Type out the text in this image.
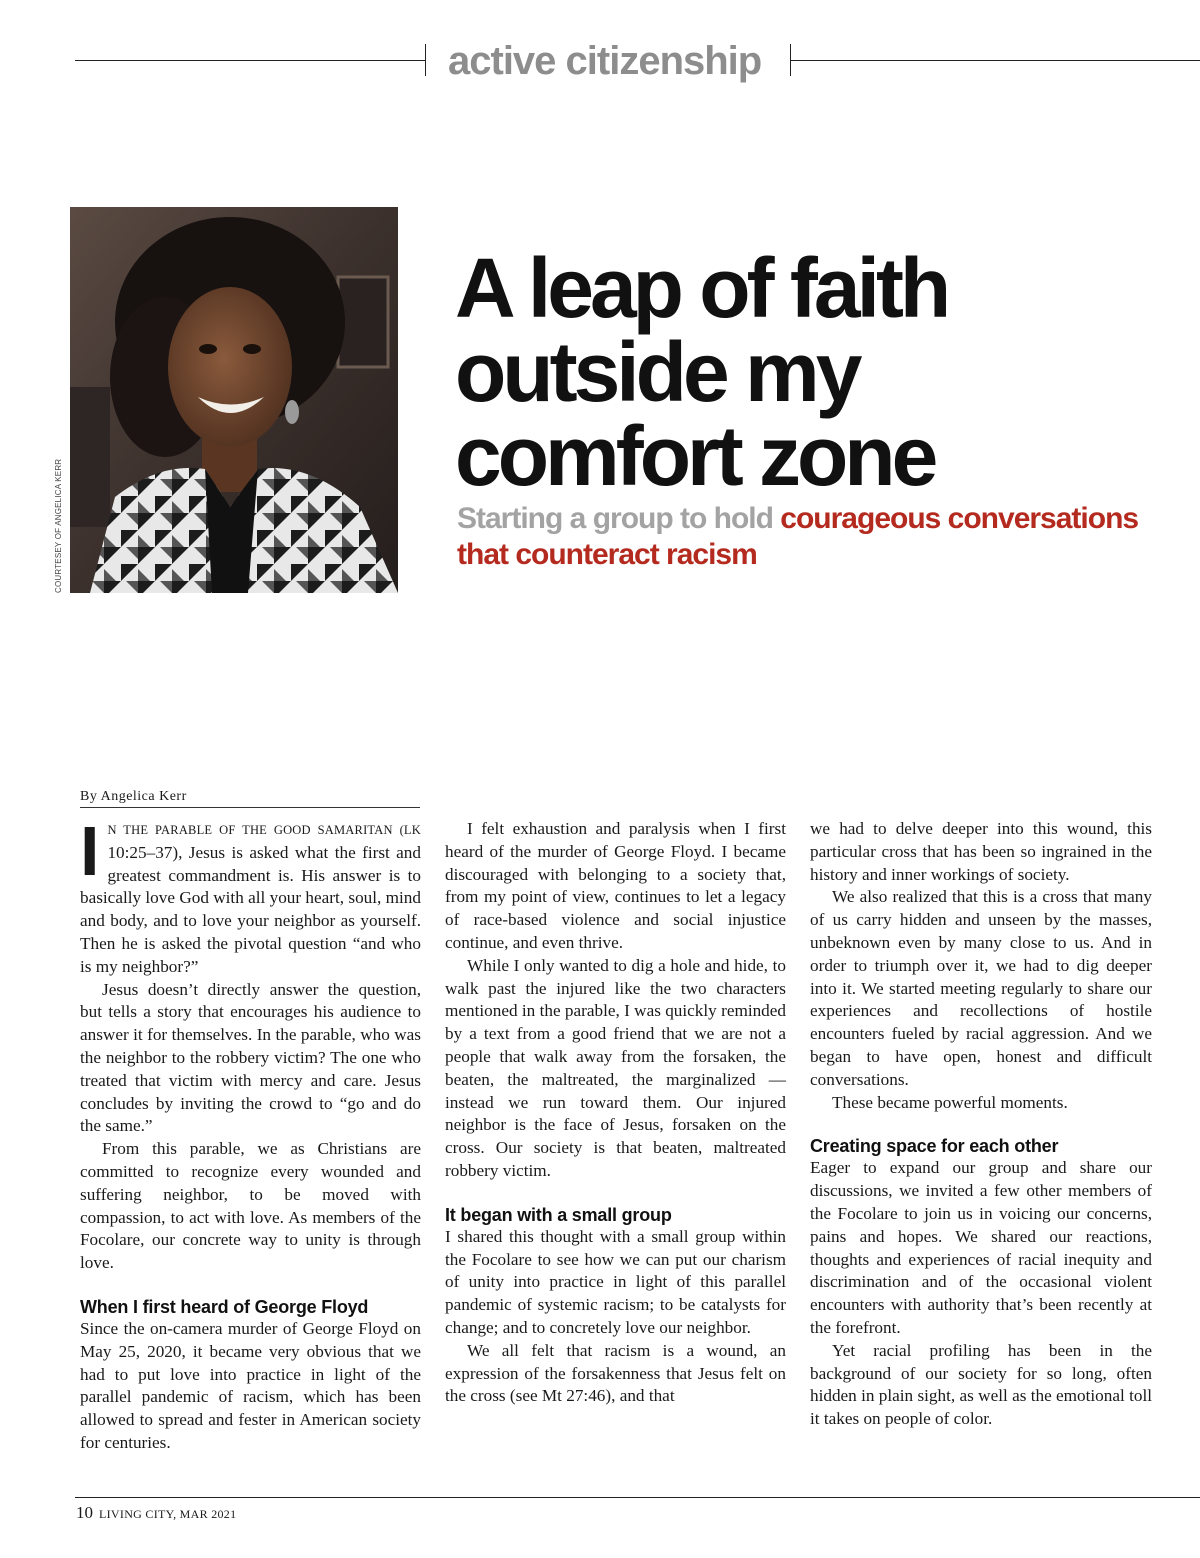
active citizenship
COURTESEY OF ANGELICA KERR
A leap of faith
outside my
comfort zone
Starting a group to hold courageous conversations that counteract racism
By Angelica Kerr

I N THE PARABLE OF THE GOOD SAMARITAN (LK 10:25–37), Jesus is asked what the first and greatest commandment is. His answer is to basically love God with all your heart, soul, mind and body, and to love your neighbor as yourself. Then he is asked the pivotal question “and who is my neighbor?”

Jesus doesn’t directly answer the question, but tells a story that encourages his audience to answer it for themselves. In the parable, who was the neighbor to the robbery victim? The one who treated that victim with mercy and care. Jesus concludes by inviting the crowd to “go and do the same.”

From this parable, we as Christians are committed to recognize every wounded and suffering neighbor, to be moved with compassion, to act with love. As members of the Focolare, our concrete way to unity is through love.

When I first heard of George Floyd

Since the on-camera murder of George Floyd on May 25, 2020, it became very obvious that we had to put love into practice in light of the parallel pandemic of racism, which has been allowed to spread and fester in American society for centuries.

I felt exhaustion and paralysis when I first heard of the murder of George Floyd. I became discouraged with belonging to a society that, from my point of view, continues to let a legacy of race-based violence and social injustice continue, and even thrive.

While I only wanted to dig a hole and hide, to walk past the injured like the two characters mentioned in the parable, I was quickly reminded by a text from a good friend that we are not a people that walk away from the forsaken, the beaten, the maltreated, the marginalized — instead we run toward them. Our injured neighbor is the face of Jesus, forsaken on the cross. Our society is that beaten, maltreated robbery victim.

It began with a small group

I shared this thought with a small group within the Focolare to see how we can put our charism of unity into practice in light of this parallel pandemic of systemic racism; to be catalysts for change; and to concretely love our neighbor.

We all felt that racism is a wound, an expression of the forsakenness that Jesus felt on the cross (see Mt 27:46), and that

we had to delve deeper into this wound, this particular cross that has been so ingrained in the history and inner workings of society.

We also realized that this is a cross that many of us carry hidden and unseen by the masses, unbeknown even by many close to us. And in order to triumph over it, we had to dig deeper into it. We started meeting regularly to share our experiences and recollections of hostile encounters fueled by racial aggression. And we began to have open, honest and difficult conversations.

These became powerful moments.

Creating space for each other

Eager to expand our group and share our discussions, we invited a few other members of the Focolare to join us in voicing our concerns, pains and hopes. We shared our reactions, thoughts and experiences of racial inequity and discrimination and of the occasional violent encounters with authority that’s been recently at the forefront.

Yet racial profiling has been in the background of our society for so long, often hidden in plain sight, as well as the emotional toll it takes on people of color.

10 LIVING CITY, MAR 2021
